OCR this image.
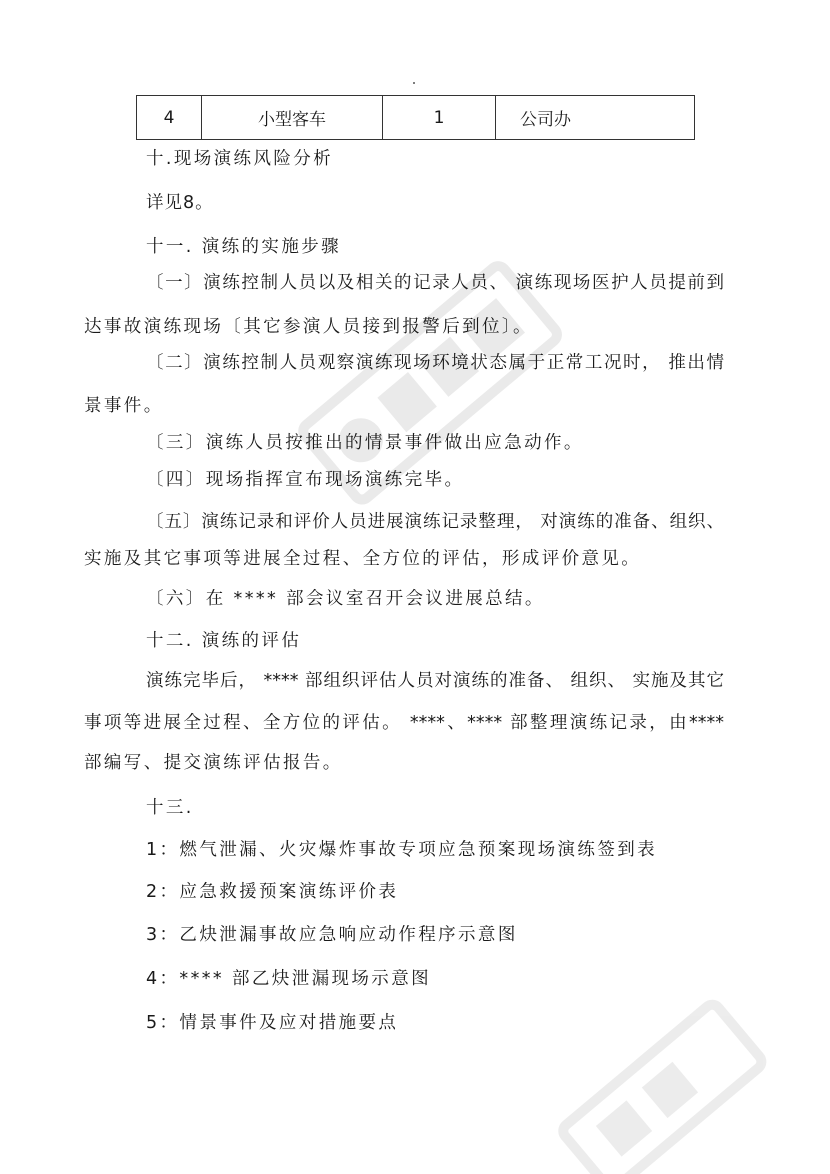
4	小型客车	1	公司办
十.现场演练风险分析
详见8。
十一. 演练的实施步骤
〔一〕演练控制人员以及相关的记录人员、 演练现场医护人员提前到
达事故演练现场〔其它参演人员接到报警后到位〕。
〔二〕演练控制人员观察演练现场环境状态属于正常工况时， 推出情
景事件。
〔三〕演练人员按推出的情景事件做出应急动作。
〔四〕现场指挥宣布现场演练完毕。
〔五〕演练记录和评价人员进展演练记录整理， 对演练的准备、组织、
实施及其它事项等进展全过程、全方位的评估，形成评价意见。
〔六〕在 **** 部会议室召开会议进展总结。
十二. 演练的评估
演练完毕后， **** 部组织评估人员对演练的准备、 组织、 实施及其它
事项等进展全过程、全方位的评估。 ****、**** 部整理演练记录，由****
部编写、提交演练评估报告。
十三.
1：燃气泄漏、火灾爆炸事故专项应急预案现场演练签到表
2：应急救援预案演练评价表
3：乙炔泄漏事故应急响应动作程序示意图
4：**** 部乙炔泄漏现场示意图
5：情景事件及应对措施要点
